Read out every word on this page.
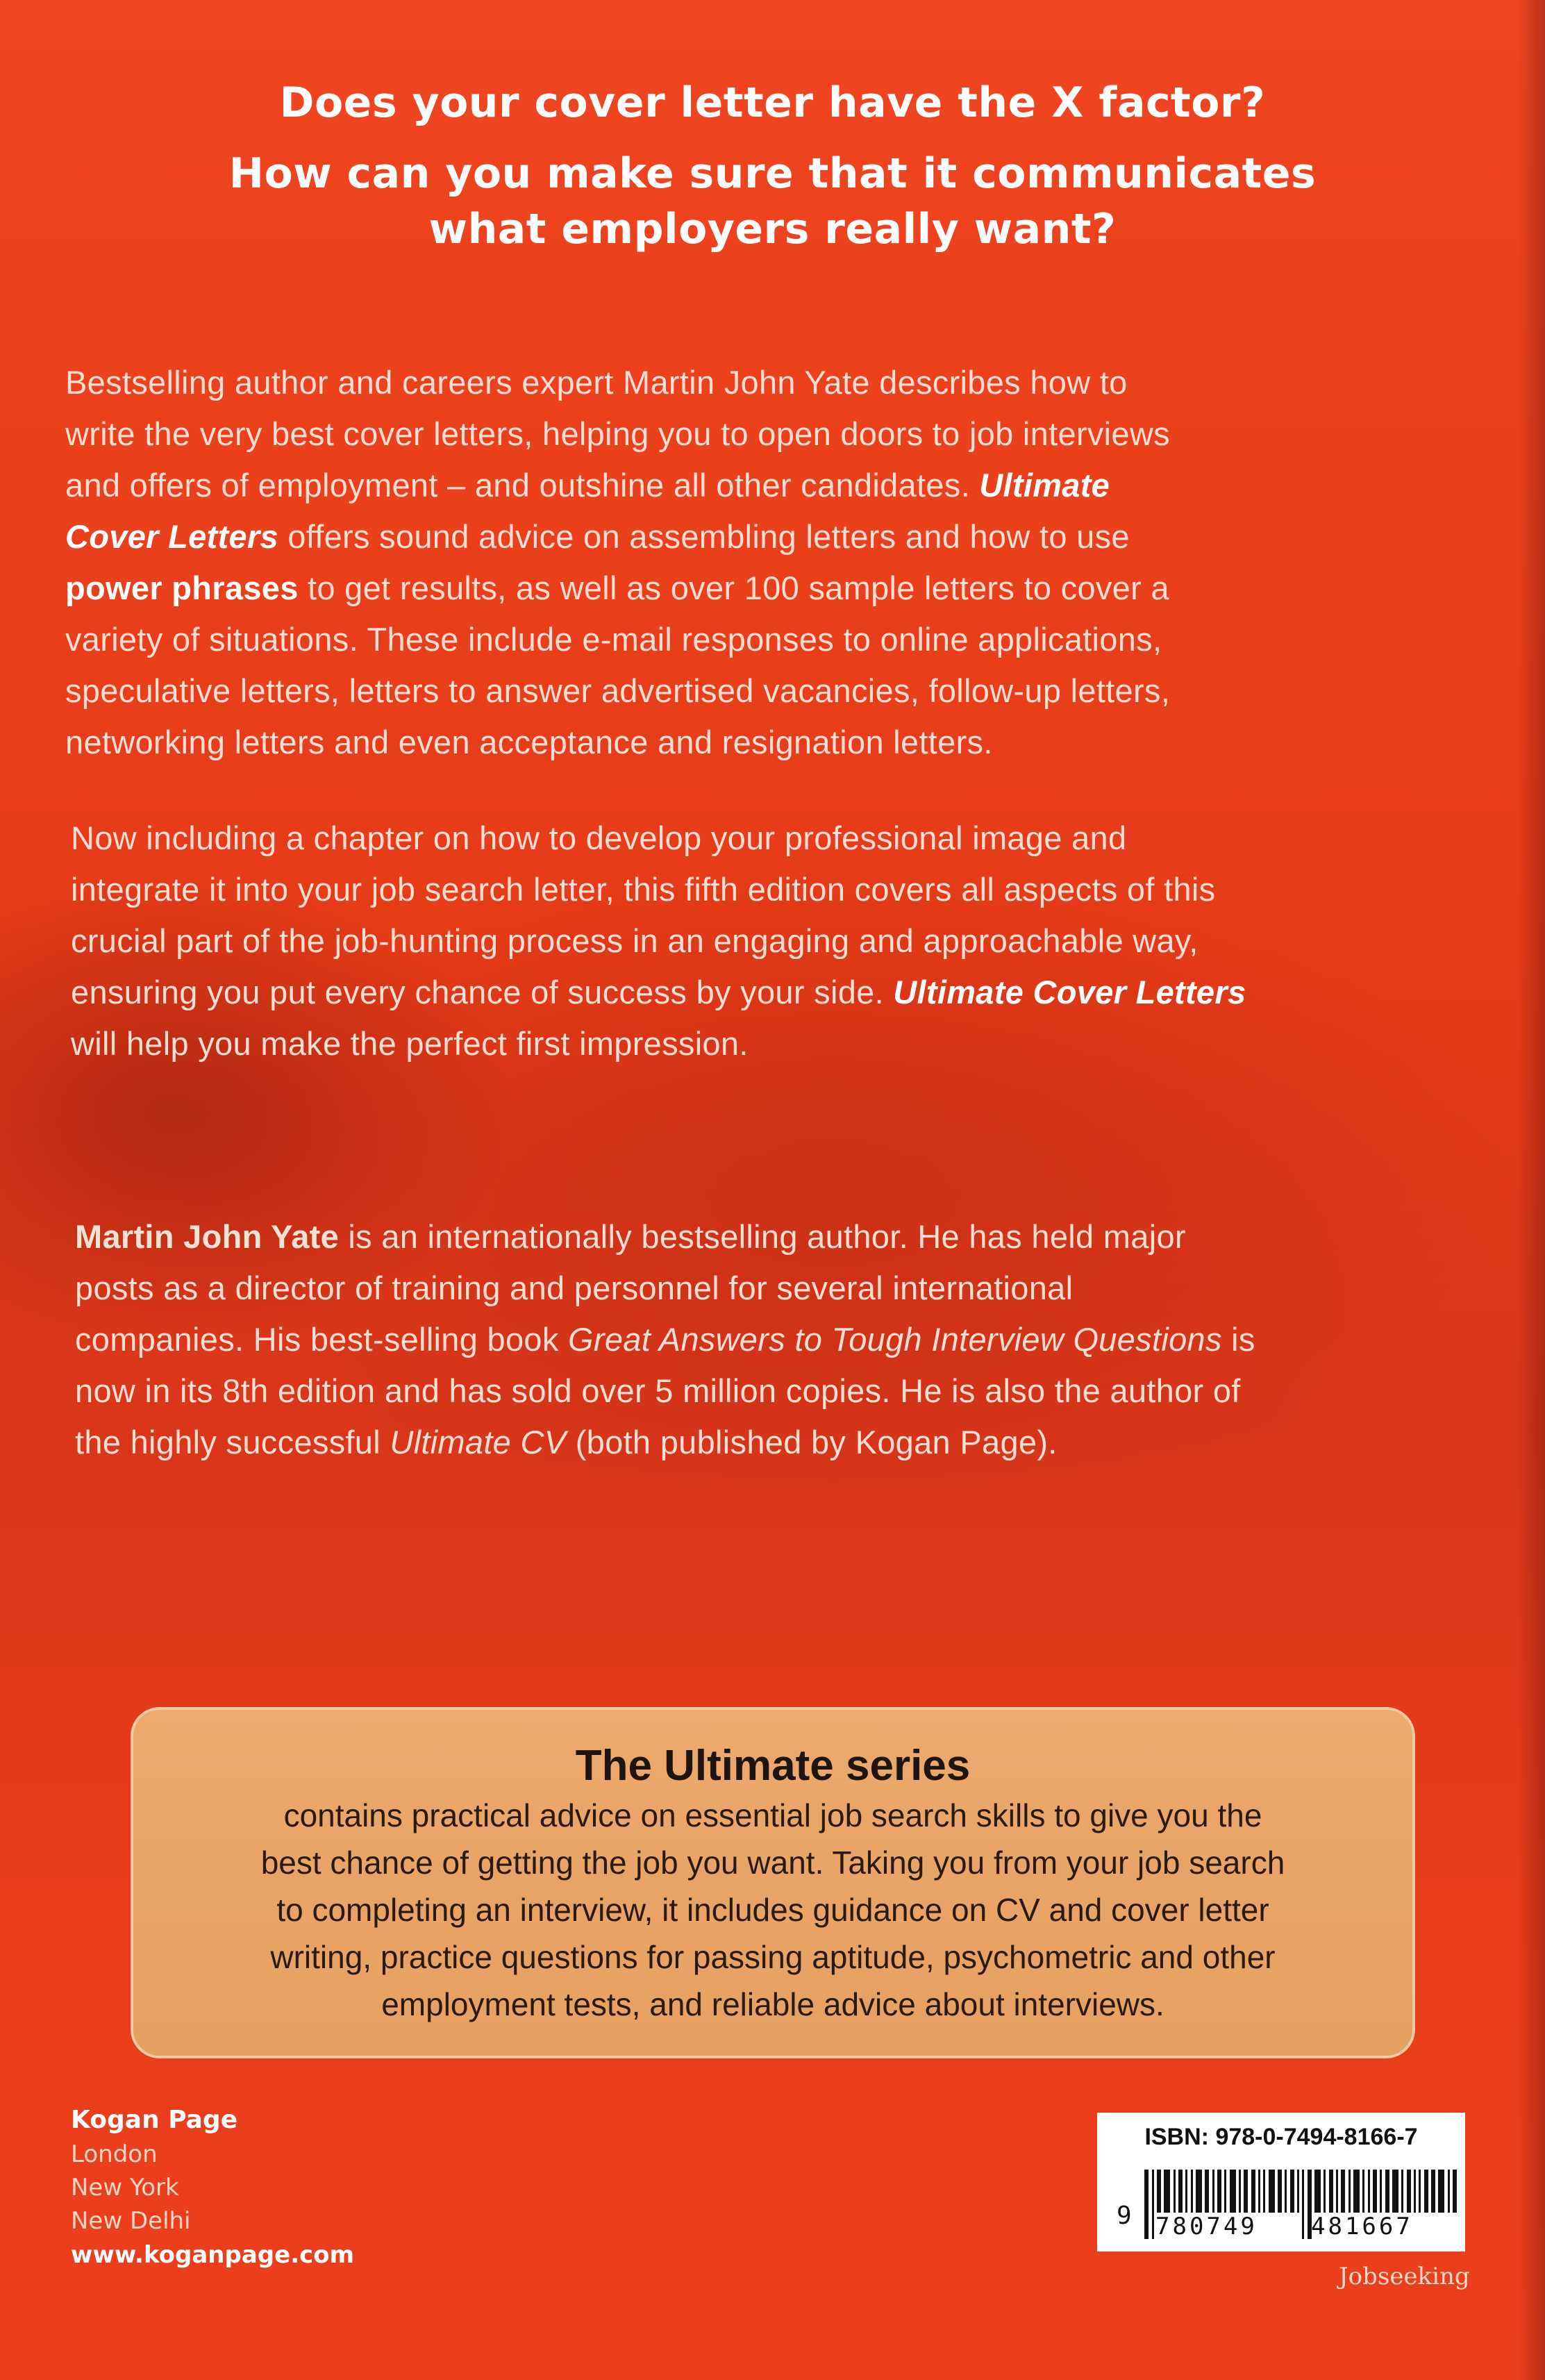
Does your cover letter have the X factor?
How can you make sure that it communicates
what employers really want?
Bestselling author and careers expert Martin John Yate describes how to
write the very best cover letters, helping you to open doors to job interviews
and offers of employment – and outshine all other candidates. Ultimate
Cover Letters offers sound advice on assembling letters and how to use
power phrases to get results, as well as over 100 sample letters to cover a
variety of situations. These include e-mail responses to online applications,
speculative letters, letters to answer advertised vacancies, follow-up letters,
networking letters and even acceptance and resignation letters.
Now including a chapter on how to develop your professional image and
integrate it into your job search letter, this fifth edition covers all aspects of this
crucial part of the job-hunting process in an engaging and approachable way,
ensuring you put every chance of success by your side. Ultimate Cover Letters
will help you make the perfect first impression.
Martin John Yate is an internationally bestselling author. He has held major
posts as a director of training and personnel for several international
companies. His best-selling book Great Answers to Tough Interview Questions is
now in its 8th edition and has sold over 5 million copies. He is also the author of
the highly successful Ultimate CV (both published by Kogan Page).
The Ultimate series
contains practical advice on essential job search skills to give you the
best chance of getting the job you want. Taking you from your job search
to completing an interview, it includes guidance on CV and cover letter
writing, practice questions for passing aptitude, psychometric and other
employment tests, and reliable advice about interviews.
Kogan Page
London
New York
New Delhi
www.koganpage.com
ISBN: 978-0-7494-8166-7
9 780749 481667
Jobseeking
